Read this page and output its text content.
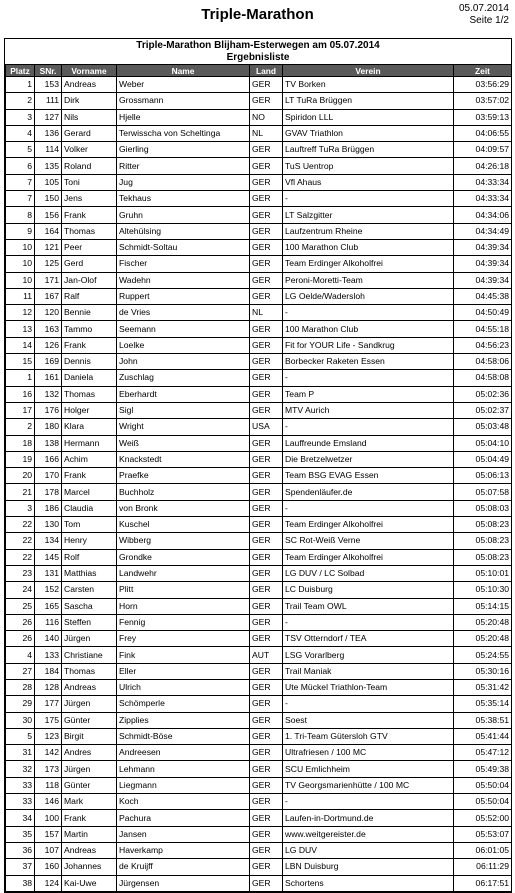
Triple-Marathon	05.07.2014
Seite 1/2
Triple-Marathon Blijham-Esterwegen am 05.07.2014
Ergebnisliste
Platz	SNr.	Vorname	Name	Land	Verein	Zeit
1	153	Andreas	Weber	GER	TV Borken	03:56:29
2	111	Dirk	Grossmann	GER	LT TuRa Brüggen	03:57:02
3	127	Nils	Hjelle	NO	Spiridon LLL	03:59:13
4	136	Gerard	Terwisscha von Scheltinga	NL	GVAV Triathlon	04:06:55
5	114	Volker	Gierling	GER	Lauftreff TuRa Brüggen	04:09:57
6	135	Roland	Ritter	GER	TuS Uentrop	04:26:18
7	105	Toni	Jug	GER	Vfl Ahaus	04:33:34
7	150	Jens	Tekhaus	GER	-	04:33:34
8	156	Frank	Gruhn	GER	LT Salzgitter	04:34:06
9	164	Thomas	Altehülsing	GER	Laufzentrum Rheine	04:34:49
10	121	Peer	Schmidt-Soltau	GER	100 Marathon Club	04:39:34
10	125	Gerd	Fischer	GER	Team Erdinger Alkoholfrei	04:39:34
10	171	Jan-Olof	Wadehn	GER	Peroni-Moretti-Team	04:39:34
11	167	Ralf	Ruppert	GER	LG Oelde/Wadersloh	04:45:38
12	120	Bennie	de Vries	NL	-	04:50:49
13	163	Tammo	Seemann	GER	100 Marathon Club	04:55:18
14	126	Frank	Loelke	GER	Fit for YOUR Life - Sandkrug	04:56:23
15	169	Dennis	John	GER	Borbecker Raketen Essen	04:58:06
1	161	Daniela	Zuschlag	GER	-	04:58:08
16	132	Thomas	Eberhardt	GER	Team P	05:02:36
17	176	Holger	Sigl	GER	MTV Aurich	05:02:37
2	180	Klara	Wright	USA	-	05:03:48
18	138	Hermann	Weiß	GER	Lauffreunde Emsland	05:04:10
19	166	Achim	Knackstedt	GER	Die Bretzelwetzer	05:04:49
20	170	Frank	Praefke	GER	Team BSG EVAG Essen	05:06:13
21	178	Marcel	Buchholz	GER	Spendenläufer.de	05:07:58
3	186	Claudia	von Bronk	GER	-	05:08:03
22	130	Tom	Kuschel	GER	Team Erdinger Alkoholfrei	05:08:23
22	134	Henry	Wibberg	GER	SC Rot-Weiß Verne	05:08:23
22	145	Rolf	Grondke	GER	Team Erdinger Alkoholfrei	05:08:23
23	131	Matthias	Landwehr	GER	LG DUV / LC Solbad	05:10:01
24	152	Carsten	Plitt	GER	LC Duisburg	05:10:30
25	165	Sascha	Horn	GER	Trail Team OWL	05:14:15
26	116	Steffen	Fennig	GER	-	05:20:48
26	140	Jürgen	Frey	GER	TSV Otterndorf / TEA	05:20:48
4	133	Christiane	Fink	AUT	LSG Vorarlberg	05:24:55
27	184	Thomas	Eller	GER	Trail Maniak	05:30:16
28	128	Andreas	Ulrich	GER	Ute Mückel Triathlon-Team	05:31:42
29	177	Jürgen	Schömperle	GER	-	05:35:14
30	175	Günter	Zipplies	GER	Soest	05:38:51
5	123	Birgit	Schmidt-Böse	GER	1. Tri-Team Gütersloh GTV	05:41:44
31	142	Andres	Andreesen	GER	Ultrafriesen / 100 MC	05:47:12
32	173	Jürgen	Lehmann	GER	SCU Emlichheim	05:49:38
33	118	Günter	Liegmann	GER	TV Georgsmarienhütte / 100 MC	05:50:04
33	146	Mark	Koch	GER	-	05:50:04
34	100	Frank	Pachura	GER	Laufen-in-Dortmund.de	05:52:00
35	157	Martin	Jansen	GER	www.weitgereister.de	05:53:07
36	107	Andreas	Haverkamp	GER	LG DUV	06:01:05
37	160	Johannes	de Kruijff	GER	LBN Duisburg	06:11:29
38	124	Kai-Uwe	Jürgensen	GER	Schortens	06:17:51
